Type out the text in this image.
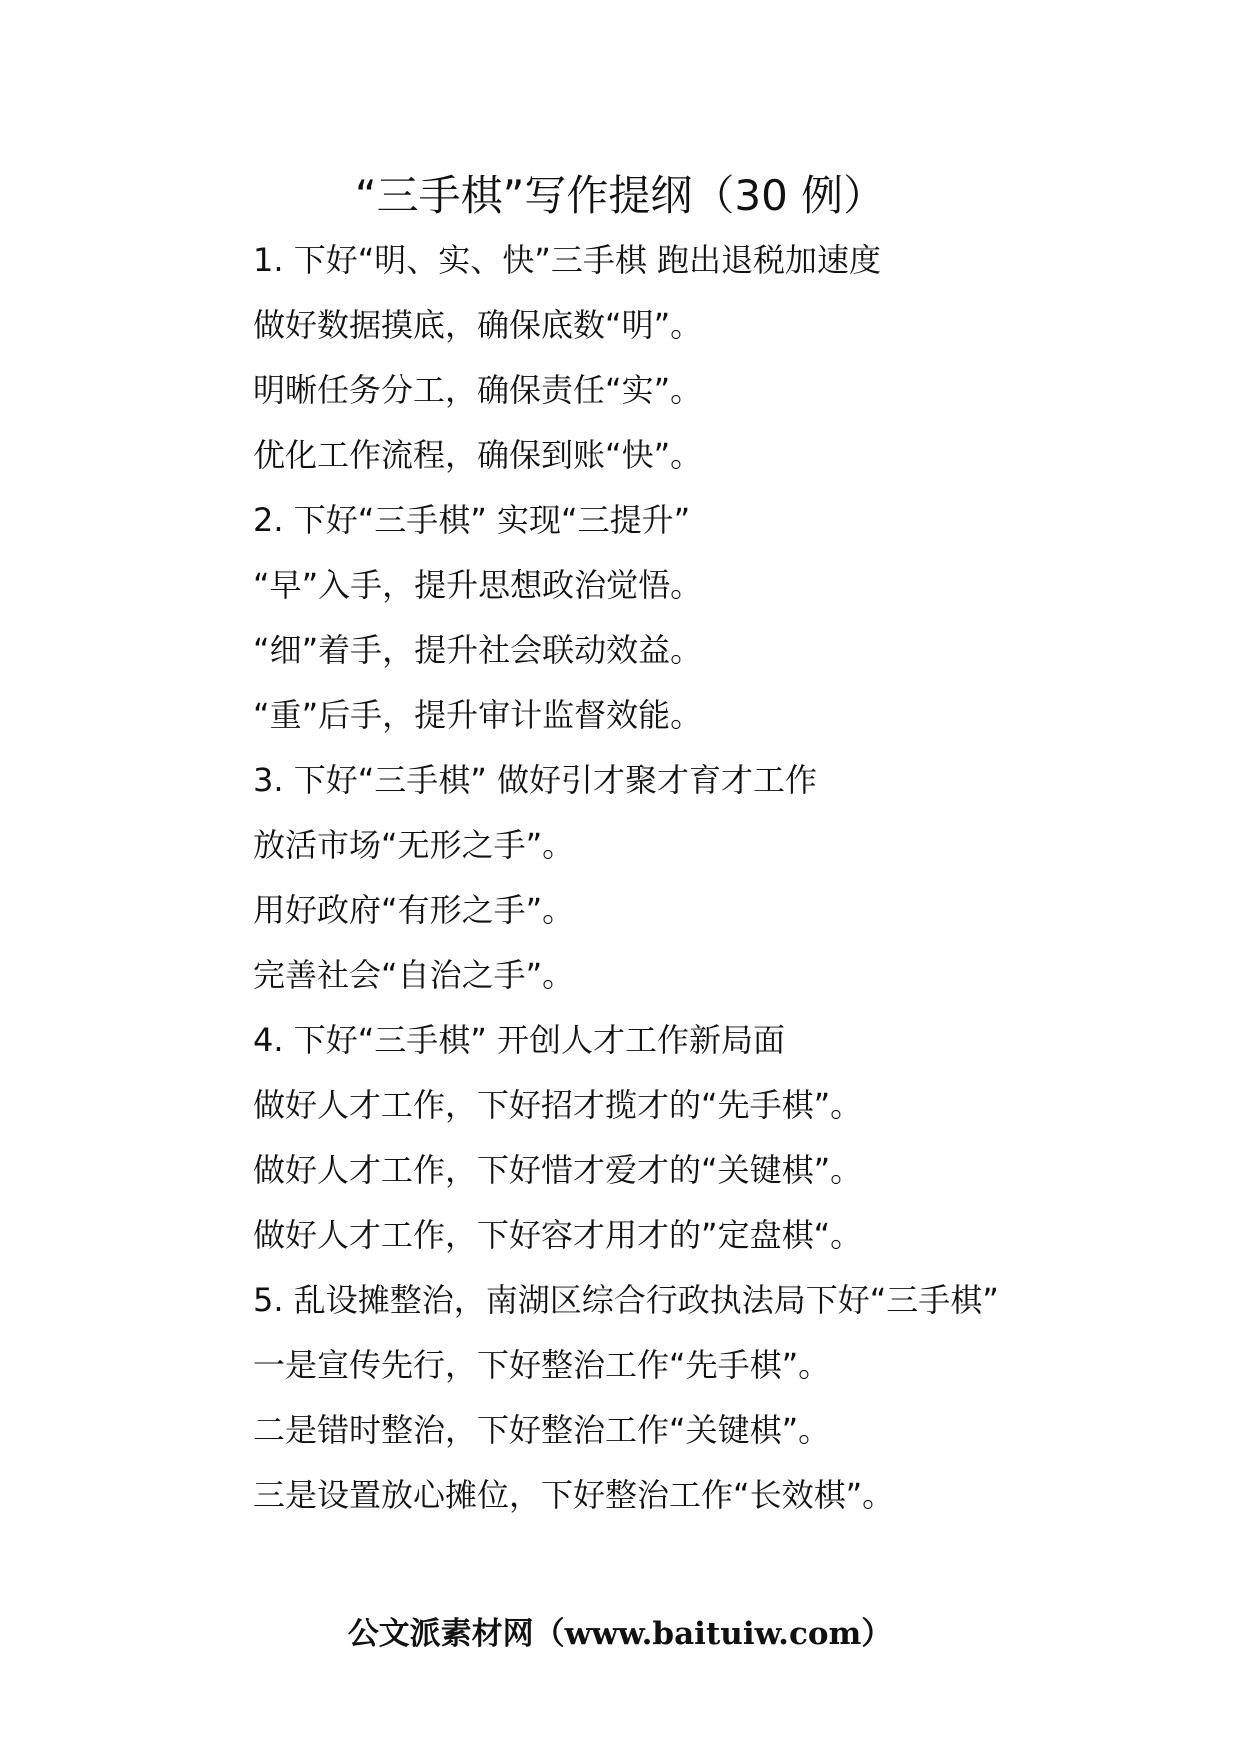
“三手棋”写作提纲（30 例）
1. 下好“明、实、快”三手棋 跑出退税加速度
做好数据摸底，确保底数“明”。
明晰任务分工，确保责任“实”。
优化工作流程，确保到账“快”。
2. 下好“三手棋” 实现“三提升”
“早”入手，提升思想政治觉悟。
“细”着手，提升社会联动效益。
“重”后手，提升审计监督效能。
3. 下好“三手棋” 做好引才聚才育才工作
放活市场“无形之手”。
用好政府“有形之手”。
完善社会“自治之手”。
4. 下好“三手棋” 开创人才工作新局面
做好人才工作，下好招才揽才的“先手棋”。
做好人才工作，下好惜才爱才的“关键棋”。
做好人才工作，下好容才用才的”定盘棋“。
5. 乱设摊整治，南湖区综合行政执法局下好“三手棋”
一是宣传先行，下好整治工作“先手棋”。
二是错时整治，下好整治工作“关键棋”。
三是设置放心摊位，下好整治工作“长效棋”。
公文派素材网（www.baituiw.com）
